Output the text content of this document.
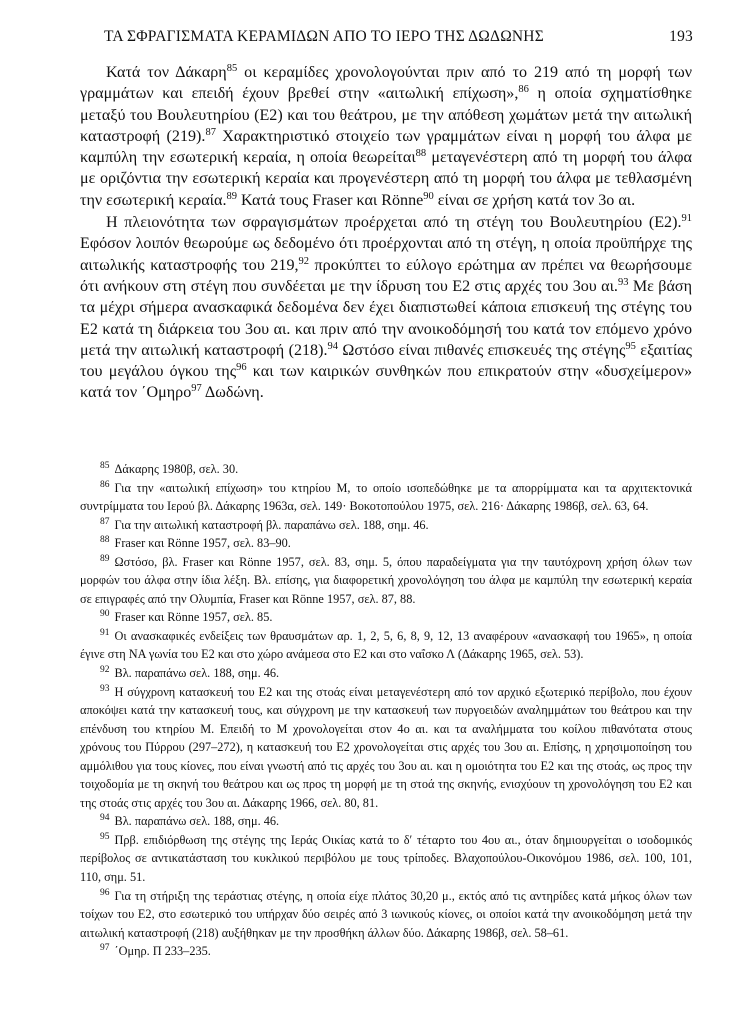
ΤΑ ΣΦΡΑΓΙΣΜΑΤΑ ΚΕΡΑΜΙΔΩΝ ΑΠΟ ΤΟ ΙΕΡΟ ΤΗΣ ΔΩΔΩΝΗΣ	193

Κατά τον Δάκαρη$^{85}$ οι κεραμίδες χρονολογούνται πριν από το 219 από τη μορφή των γραμμάτων και επειδή έχουν βρεθεί στην «αιτωλική επίχωση»,$^{86}$ η οποία σχηματίσθηκε μεταξύ του Βουλευτηρίου (Ε2) και του θεάτρου, με την απόθεση χωμάτων μετά την αιτωλική καταστροφή (219).$^{87}$ Χαρακτηριστικό στοιχείο των γραμμάτων είναι η μορφή του άλφα με καμπύλη την εσωτερική κεραία, η οποία θεωρείται$^{88}$ μεταγενέστερη από τη μορφή του άλφα με οριζόντια την εσωτερική κεραία και προγενέστερη από τη μορφή του άλφα με τεθλασμένη την εσωτερική κεραία.$^{89}$ Κατά τους Fraser και Rönne$^{90}$ είναι σε χρήση κατά τον 3ο αι.

Η πλειονότητα των σφραγισμάτων προέρχεται από τη στέγη του Βουλευτηρίου (Ε2).$^{91}$ Εφόσον λοιπόν θεωρούμε ως δεδομένο ότι προέρχονται από τη στέγη, η οποία προϋπήρχε της αιτωλικής καταστροφής του 219,92 προκύπτει το εύλογο ερώτημα αν πρέπει να θεωρήσουμε ότι ανήκουν στη στέγη που συνδέεται με την ίδρυση του Ε2 στις αρχές του 3ου αι.$^{93}$ Με βάση τα μέχρι σήμερα ανασκαφικά δεδομένα δεν έχει διαπιστωθεί κάποια επισκευή της στέγης του Ε2 κατά τη διάρκεια του 3ου αι. και πριν από την ανοικοδόμησή του κατά τον επόμενο χρόνο μετά την αιτωλική καταστροφή (218).$^{94}$ Ωστόσο είναι πιθανές επισκευές της στέγης$^{95}$ εξαιτίας του μεγάλου όγκου της$^{96}$ και των καιρικών συνθηκών που επικρατούν στην «δυσχείμερον» κατά τον ΄Ομηρο$^{97}$ Δωδώνη.

$^{85}$ Δάκαρης 1980β, σελ. 30.

$^{86}$ Για την «αιτωλική επίχωση» του κτηρίου Μ, το οποίο ισοπεδώθηκε με τα απορρίμματα και τα αρχιτεκτονικά συντρίμματα του Ιερού βλ. Δάκαρης 1963α, σελ. 149· Βοκοτοπούλου 1975, σελ. 216· Δάκαρης 1986β, σελ. 63, 64.

$^{87}$ Για την αιτωλική καταστροφή βλ. παραπάνω σελ. 188, σημ. 46.

$^{88}$ Fraser και Rönne 1957, σελ. 83–90.

$^{89}$ Ωστόσο, βλ. Fraser και Rönne 1957, σελ. 83, σημ. 5, όπου παραδείγματα για την ταυτόχρονη χρήση όλων των μορφών του άλφα στην ίδια λέξη. Βλ. επίσης, για διαφορετική χρονολόγηση του άλφα με καμπύλη την εσωτερική κεραία σε επιγραφές από την Ολυμπία, Fraser και Rönne 1957, σελ. 87, 88.

$^{90}$ Fraser και Rönne 1957, σελ. 85.

$^{91}$ Οι ανασκαφικές ενδείξεις των θραυσμάτων αρ. 1, 2, 5, 6, 8, 9, 12, 13 αναφέρουν «ανασκαφή του 1965», η οποία έγινε στη ΝΑ γωνία του Ε2 και στο χώρο ανάμεσα στο Ε2 και στο ναΐσκο Λ (Δάκαρης 1965, σελ. 53).

$^{92}$ Βλ. παραπάνω σελ. 188, σημ. 46.

$^{93}$ Η σύγχρονη κατασκευή του Ε2 και της στοάς είναι μεταγενέστερη από τον αρχικό εξωτερικό περίβολο, που έχουν αποκόψει κατά την κατασκευή τους, και σύγχρονη με την κατασκευή των πυργοειδών αναλημμάτων του θεάτρου και την επένδυση του κτηρίου Μ. Επειδή το Μ χρονολογείται στον 4ο αι. και τα αναλήμματα του κοίλου πιθανότατα στους χρόνους του Πύρρου (297–272), η κατασκευή του Ε2 χρονολογείται στις αρχές του 3ου αι. Επίσης, η χρησιμοποίηση του αμμόλιθου για τους κίονες, που είναι γνωστή από τις αρχές του 3ου αι. και η ομοιότητα του Ε2 και της στοάς, ως προς την τοιχοδομία με τη σκηνή του θεάτρου και ως προς τη μορφή με τη στοά της σκηνής, ενισχύουν τη χρονολόγηση του Ε2 και της στοάς στις αρχές του 3ου αι. Δάκαρης 1966, σελ. 80, 81.

$^{94}$ Βλ. παραπάνω σελ. 188, σημ. 46.

$^{95}$ Πρβ. επιδιόρθωση της στέγης της Ιεράς Οικίας κατά το δ′ τέταρτο του 4ου αι., όταν δημιουργείται ο ισοδομικός περίβολος σε αντικατάσταση του κυκλικού περιβόλου με τους τρίποδες. Βλαχοπούλου-Οικονόμου 1986, σελ. 100, 101, 110, σημ. 51.

$^{96}$ Για τη στήριξη της τεράστιας στέγης, η οποία είχε πλάτος 30,20 μ., εκτός από τις αντηρίδες κατά μήκος όλων των τοίχων του Ε2, στο εσωτερικό του υπήρχαν δύο σειρές από 3 ιωνικούς κίονες, οι οποίοι κατά την ανοικοδόμηση μετά την αιτωλική καταστροφή (218) αυξήθηκαν με την προσθήκη άλλων δύο. Δάκαρης 1986β, σελ. 58–61.

$^{97}$ ΄Ομηρ. Π 233–235.
